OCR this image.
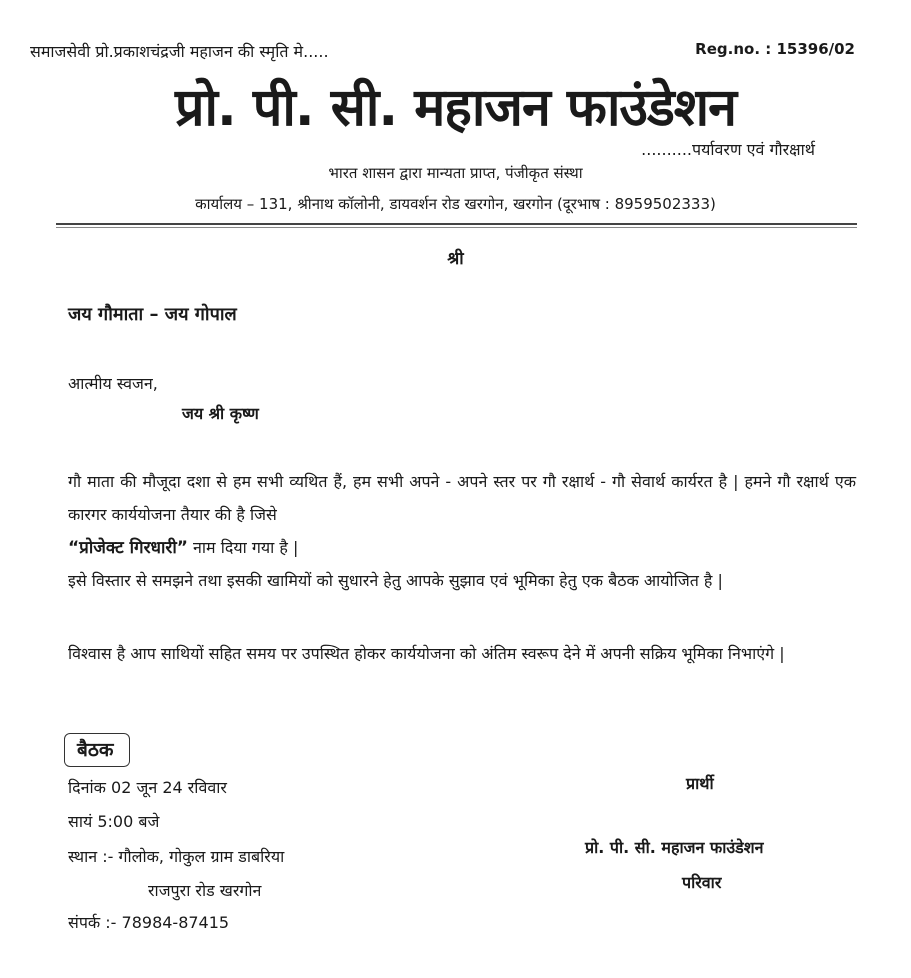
समाजसेवी प्रो.प्रकाशचंद्रजी महाजन की स्मृति मे.....	Reg.no. : 15396/02
प्रो. पी. सी. महाजन फाउंडेशन
..........पर्यावरण एवं गौरक्षार्थ
भारत शासन द्वारा मान्यता प्राप्त, पंजीकृत संस्था
कार्यालय – 131, श्रीनाथ कॉलोनी, डायवर्शन रोड खरगोन, खरगोन (दूरभाष : 8959502333)
श्री
जय गौमाता – जय गोपाल
आत्मीय स्वजन,
जय श्री कृष्ण
गौ माता की मौजूदा दशा से हम सभी व्यथित हैं, हम सभी अपने - अपने स्तर पर गौ रक्षार्थ - गौ सेवार्थ कार्यरत है | हमने गौ रक्षार्थ एक कारगर कार्ययोजना तैयार की है जिसे
“प्रोजेक्ट गिरधारी” नाम दिया गया है |
इसे विस्तार से समझने तथा इसकी खामियों को सुधारने हेतु आपके सुझाव एवं भूमिका हेतु एक बैठक आयोजित है |
विश्वास है आप साथियों सहित समय पर उपस्थित होकर कार्ययोजना को अंतिम स्वरूप देने में अपनी सक्रिय भूमिका निभाएंगे |
बैठक
दिनांक 02 जून 24 रविवार
सायं 5:00 बजे
स्थान :- गौलोक, गोकुल ग्राम डाबरिया
राजपुरा रोड खरगोन
संपर्क :- 78984-87415
प्रार्थी
प्रो. पी. सी. महाजन फाउंडेशन
परिवार
